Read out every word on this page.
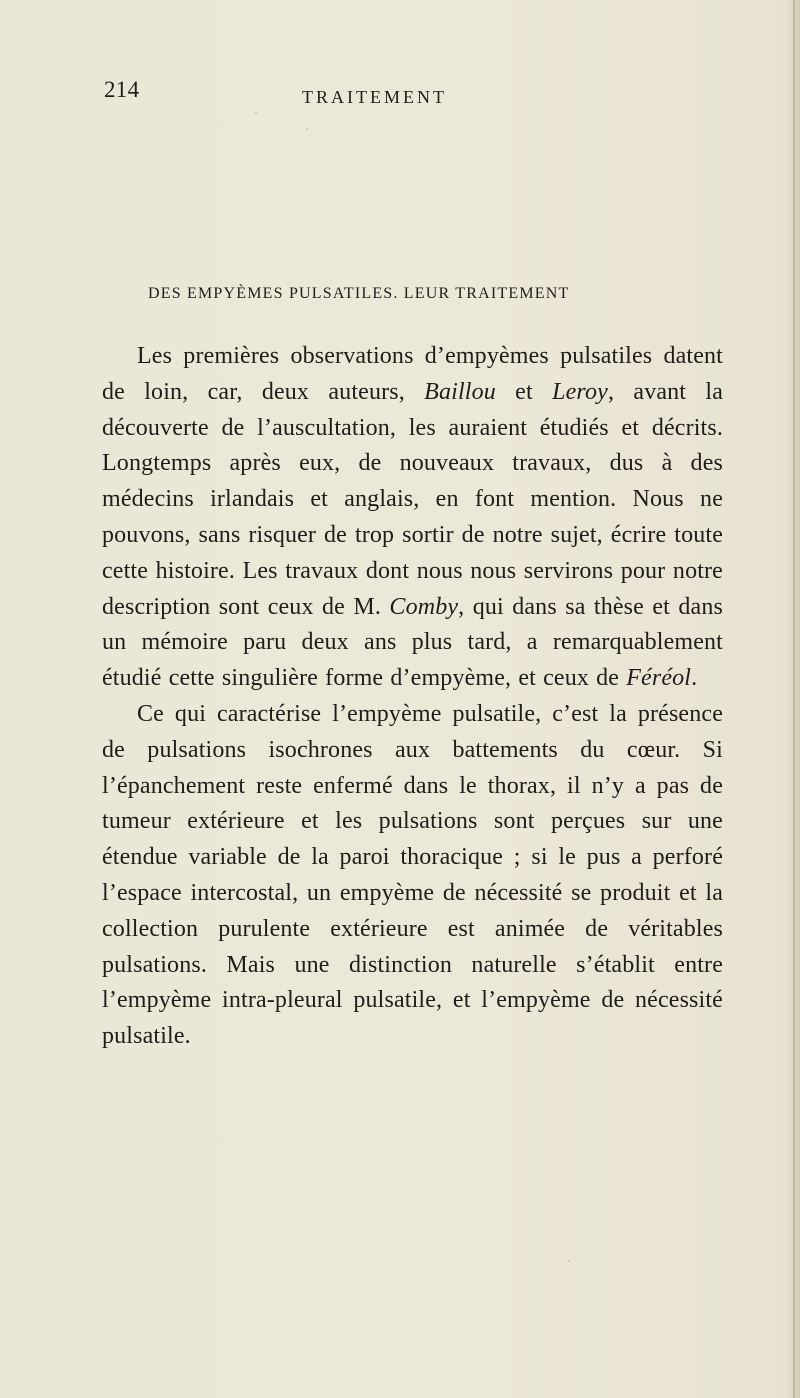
214	TRAITEMENT
DES EMPYÈMES PULSATILES. LEUR TRAITEMENT

Les premières observations d’empyèmes pulsatiles datent de loin, car, deux auteurs, Baillou et Leroy, avant la découverte de l’auscultation, les auraient étudiés et décrits. Longtemps après eux, de nouveaux travaux, dus à des médecins irlandais et anglais, en font mention. Nous ne pouvons, sans risquer de trop sortir de notre sujet, écrire toute cette histoire. Les travaux dont nous nous servirons pour notre description sont ceux de M. Comby, qui dans sa thèse et dans un mémoire paru deux ans plus tard, a remarquablement étudié cette singulière forme d’empyème, et ceux de Féréol.

Ce qui caractérise l’empyème pulsatile, c’est la présence de pulsations isochrones aux battements du cœur. Si l’épanchement reste enfermé dans le thorax, il n’y a pas de tumeur extérieure et les pulsations sont perçues sur une étendue variable de la paroi thoracique ; si le pus a perforé l’espace intercostal, un empyème de nécessité se produit et la collection purulente extérieure est animée de véritables pulsations. Mais une distinction naturelle s’établit entre l’empyème intra-pleural pulsatile, et l’empyème de nécessité pulsatile.
